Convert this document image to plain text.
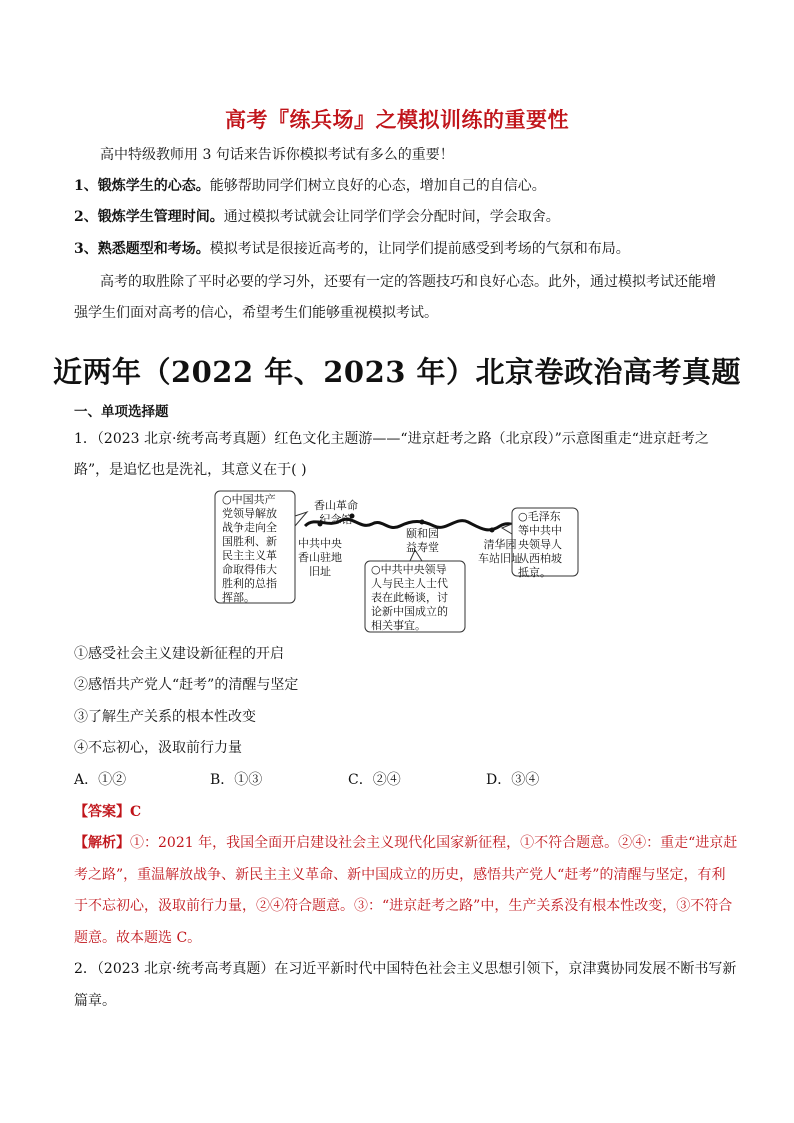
高考『练兵场』之模拟训练的重要性
高中特级教师用 3 句话来告诉你模拟考试有多么的重要！
1、锻炼学生的心态。能够帮助同学们树立良好的心态，增加自己的自信心。
2、锻炼学生管理时间。通过模拟考试就会让同学们学会分配时间，学会取舍。
3、熟悉题型和考场。模拟考试是很接近高考的，让同学们提前感受到考场的气氛和布局。
高考的取胜除了平时必要的学习外，还要有一定的答题技巧和良好心态。此外，通过模拟考试还能增
强学生们面对高考的信心，希望考生们能够重视模拟考试。
近两年（2022 年、2023 年）北京卷政治高考真题
一、单项选择题
1．（2023 北京·统考高考真题）红色文化主题游——“进京赶考之路（北京段）”示意图重走“进京赶考之
路”，是追忆也是洗礼，其意义在于( )
○中国共产
党领导解放
战争走向全
国胜利、新
民主主义革
命取得伟大
胜利的总指
挥部。
香山革命
纪念馆
中共中央
香山驻地
旧址
颐和园
益寿堂	清华园
车站旧址
○中共中央领导
人与民主人士代
表在此畅谈，讨
论新中国成立的
相关事宜。
○毛泽东
等中共中
央领导人
从西柏坡
抵京。
①感受社会主义建设新征程的开启
②感悟共产党人“赶考”的清醒与坚定
③了解生产关系的根本性改变
④不忘初心，汲取前行力量
A．①②	B．①③	C．②④	D．③④
【答案】C
【解析】①：2021 年，我国全面开启建设社会主义现代化国家新征程，①不符合题意。②④：重走“进京赶
考之路”，重温解放战争、新民主主义革命、新中国成立的历史，感悟共产党人“赶考”的清醒与坚定，有利
于不忘初心，汲取前行力量，②④符合题意。③：“进京赶考之路”中，生产关系没有根本性改变，③不符合
题意。故本题选 C。
2．（2023 北京·统考高考真题）在习近平新时代中国特色社会主义思想引领下，京津冀协同发展不断书写新
篇章。
